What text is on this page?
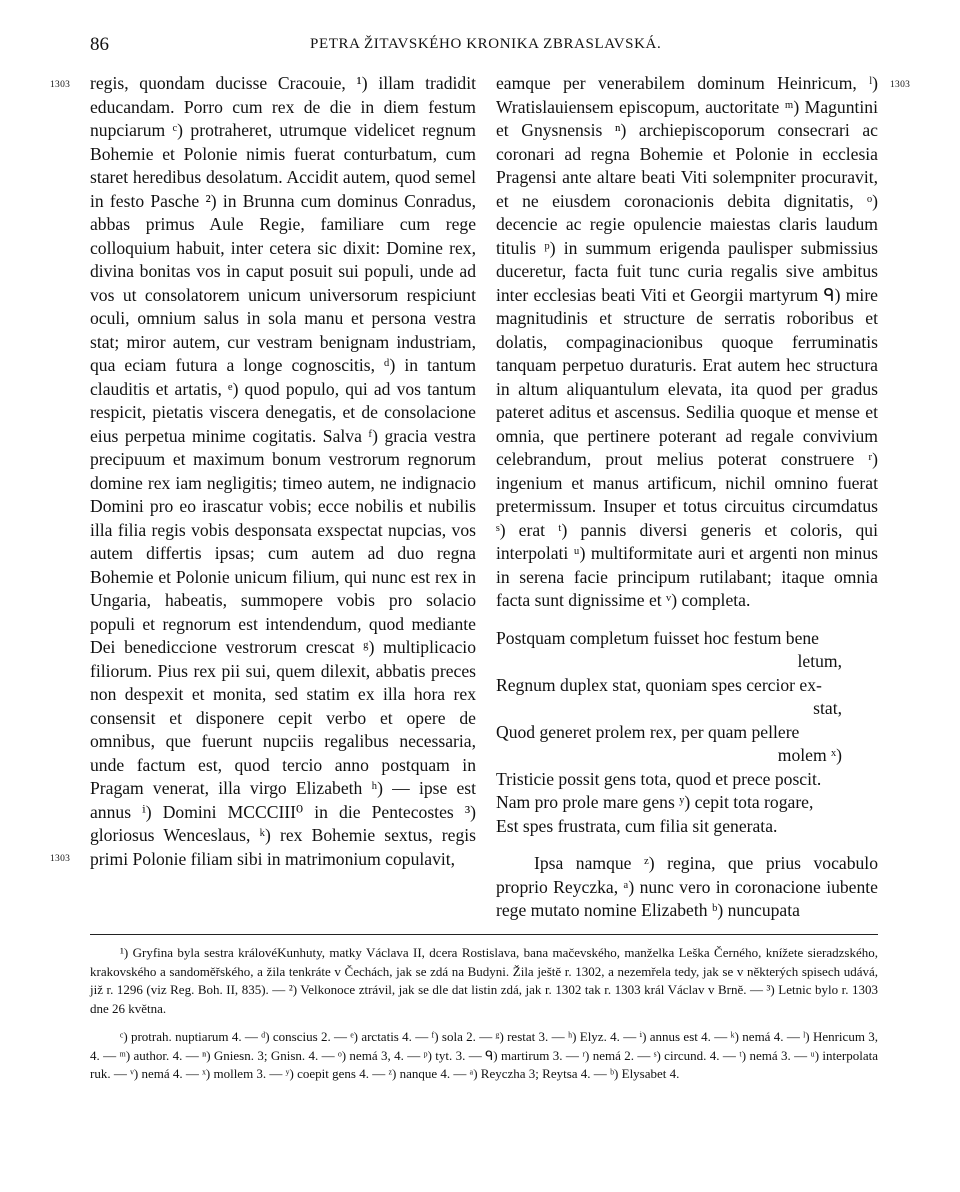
86	PETRA ŽITAVSKÉHO KRONIKA ZBRASLAVSKÁ.
1303
1303
1303

regis, quondam ducisse Cracouie, ¹) illam tradidit educandam. Porro cum rex de die in diem festum nupciarum ᶜ) protraheret, utrumque videlicet regnum Bohemie et Polonie nimis fuerat conturbatum, cum staret heredibus desolatum. Accidit autem, quod semel in festo Pasche ²) in Brunna cum dominus Conradus, abbas primus Aule Regie, familiare cum rege colloquium habuit, inter cetera sic dixit: Domine rex, divina bonitas vos in caput posuit sui populi, unde ad vos ut consolatorem unicum universorum respiciunt oculi, omnium salus in sola manu et persona vestra stat; miror autem, cur vestram benignam industriam, qua eciam futura a longe cognoscitis, ᵈ) in tantum clauditis et artatis, ᵉ) quod populo, qui ad vos tantum respicit, pietatis viscera denegatis, et de consolacione eius perpetua minime cogitatis. Salva ᶠ) gracia vestra precipuum et maximum bonum vestrorum regnorum domine rex iam negligitis; timeo autem, ne indignacio Domini pro eo irascatur vobis; ecce nobilis et nubilis illa filia regis vobis desponsata exspectat nupcias, vos autem differtis ipsas; cum autem ad duo regna Bohemie et Polonie unicum filium, qui nunc est rex in Ungaria, habeatis, summopere vobis pro solacio populi et regnorum est intendendum, quod mediante Dei benediccione vestrorum crescat ᵍ) multiplicacio filiorum. Pius rex pii sui, quem dilexit, abbatis preces non despexit et monita, sed statim ex illa hora rex consensit et disponere cepit verbo et opere de omnibus, que fuerunt nupciis regalibus necessaria, unde factum est, quod tercio anno postquam in Pragam venerat, illa virgo Elizabeth ʰ) — ipse est annus ⁱ) Domini MCCCIII⁰ in die Pentecostes ³) gloriosus Wenceslaus, ᵏ) rex Bohemie sextus, regis primi Polonie filiam sibi in matrimonium copulavit,

eamque per venerabilem dominum Heinricum, ˡ) Wratislauiensem episcopum, auctoritate ᵐ) Maguntini et Gnysnensis ⁿ) archiepiscoporum consecrari ac coronari ad regna Bohemie et Polonie in ecclesia Pragensi ante altare beati Viti solempniter procuravit, et ne eiusdem coronacionis debita dignitatis, ᵒ) decencie ac regie opulencie maiestas claris laudum titulis ᵖ) in summum erigenda paulisper submissius duceretur, facta fuit tunc curia regalis sive ambitus inter ecclesias beati Viti et Georgii martyrum ᑫ) mire magnitudinis et structure de serratis roboribus et dolatis, compaginacionibus quoque ferruminatis tanquam perpetuo duraturis. Erat autem hec structura in altum aliquantulum elevata, ita quod per gradus pateret aditus et ascensus. Sedilia quoque et mense et omnia, que pertinere poterant ad regale convivium celebrandum, prout melius poterat construere ʳ) ingenium et manus artificum, nichil omnino fuerat pretermissum. Insuper et totus circuitus circumdatus ˢ) erat ᵗ) pannis diversi generis et coloris, qui interpolati ᵘ) multiformitate auri et argenti non minus in serena facie principum rutilabant; itaque omnia facta sunt dignissime et ᵛ) completa.

Postquam completum fuisset hoc festum bene
letum,
Regnum duplex stat, quoniam spes cercior ex-
stat,
Quod generet prolem rex, per quam pellere
molem ˣ)
Tristicie possit gens tota, quod et prece poscit.
Nam pro prole mare gens ʸ) cepit tota rogare,
Est spes frustrata, cum filia sit generata.

Ipsa namque ᶻ) regina, que prius vocabulo proprio Reyczka, ᵃ) nunc vero in coronacione iubente rege mutato nomine Elizabeth ᵇ) nuncupata

¹) Gryfina byla sestra královéKunhuty, matky Václava II, dcera Rostislava, bana mačevského, manželka Leška Černého, knížete sieradzského, krakovského a sandoměřského, a žila tenkráte v Čechách, jak se zdá na Budyni. Žila ještě r. 1302, a nezemřela tedy, jak se v některých spisech udává, již r. 1296 (viz Reg. Boh. II, 835). — ²) Velkonoce ztrávil, jak se dle dat listin zdá, jak r. 1302 tak r. 1303 král Václav v Brně. — ³) Letnic bylo r. 1303 dne 26 května.

ᶜ) protrah. nuptiarum 4. — ᵈ) conscius 2. — ᵉ) arctatis 4. — ᶠ) sola 2. — ᵍ) restat 3. — ʰ) Elyz. 4. — ⁱ) annus est 4. — ᵏ) nemá 4. — ˡ) Henricum 3, 4. — ᵐ) author. 4. — ⁿ) Gniesn. 3; Gnisn. 4. — ᵒ) nemá 3, 4. — ᵖ) tyt. 3. — ᑫ) martirum 3. — ʳ) nemá 2. — ˢ) circund. 4. — ᵗ) nemá 3. — ᵘ) interpolata ruk. — ᵛ) nemá 4. — ˣ) mollem 3. — ʸ) coepit gens 4. — ᶻ) nanque 4. — ᵃ) Reyczha 3; Reytsa 4. — ᵇ) Elysabet 4.
